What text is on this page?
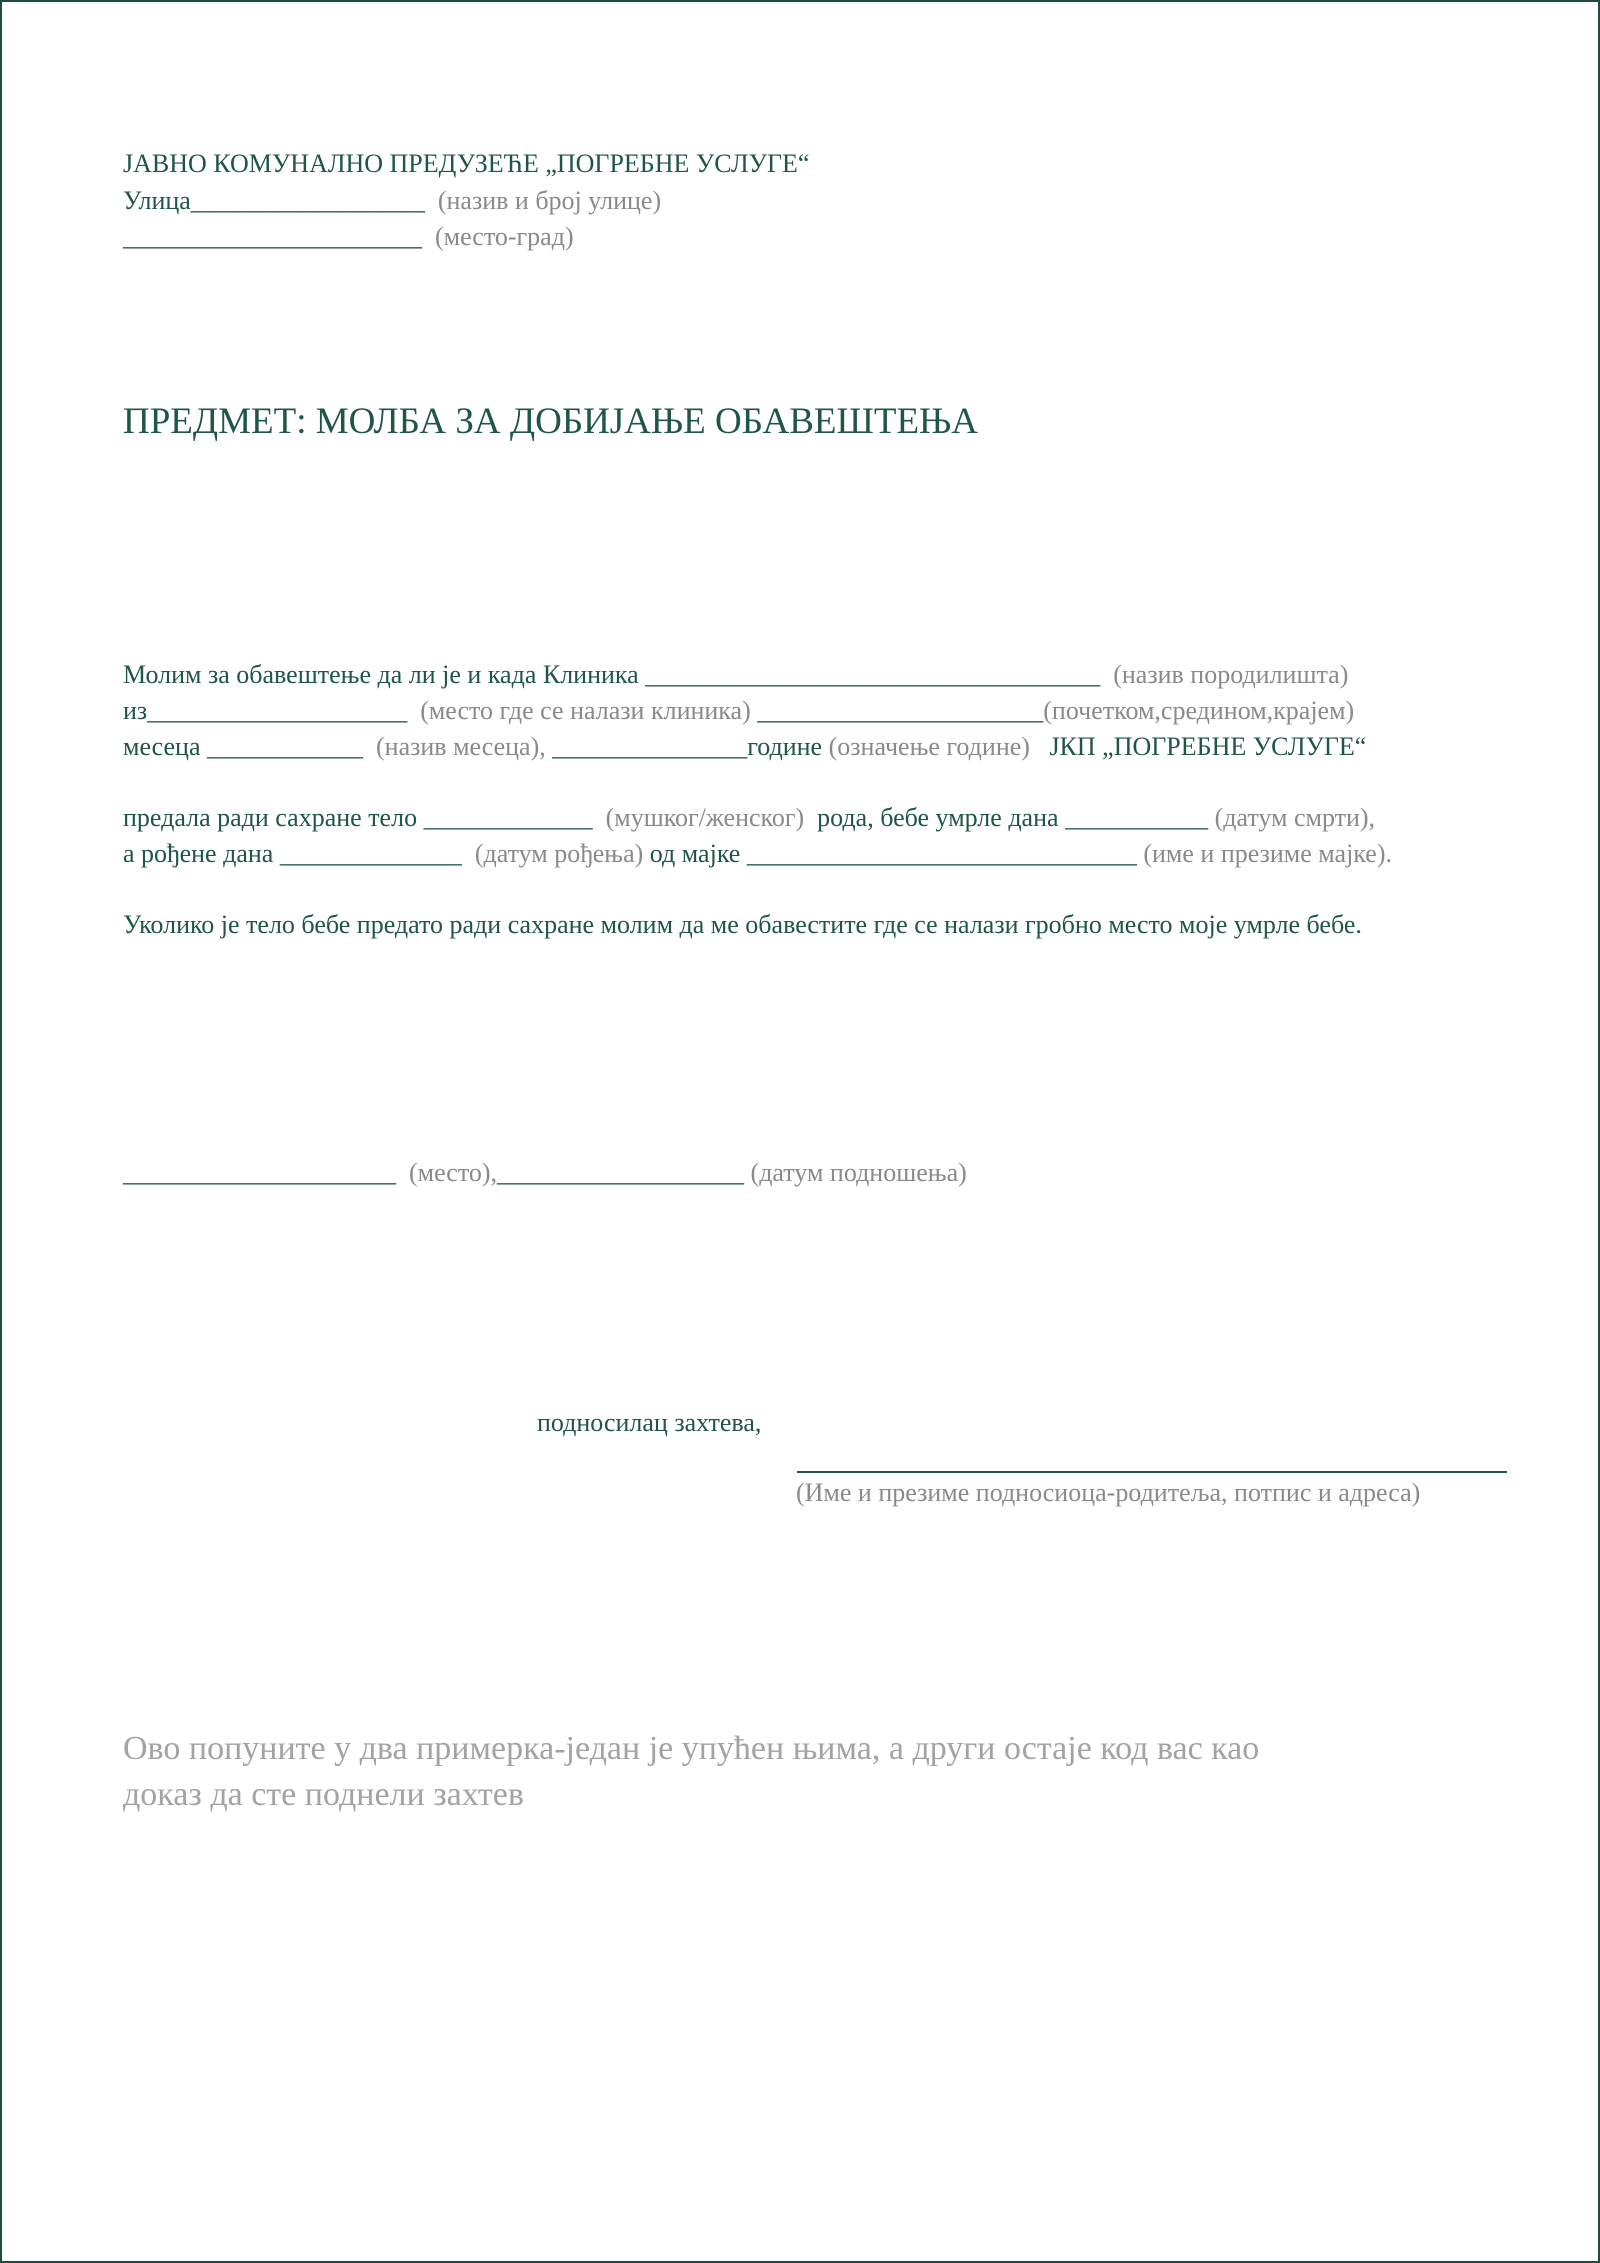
ЈАВНО КОМУНАЛНО ПРЕДУЗЕЋЕ „ПОГРЕБНЕ УСЛУГЕ“
Улица__________________ (назив и број улице)
_______________________ (место-град)
ПРЕДМЕТ: МОЛБА ЗА ДОБИЈАЊЕ ОБАВЕШТЕЊА
Молим за обавештење да ли је и када Клиника ___________________________________ (назив породилишта)
из____________________ (место где се налази клиника) ______________________(почетком,средином,крајем)
месеца ____________ (назив месеца), _______________године (означење године) ЈКП „ПОГРЕБНЕ УСЛУГЕ“
предала ради сахране тело _____________ (мушког/женског) рода, бебе умрле дана ___________ (датум смрти),
а рођене дана ______________ (датум рођења) од мајке ______________________________ (име и презиме мајке).
Уколико је тело бебе предато ради сахране молим да ме обавестите где се налази гробно место моје умрле бебе.
_____________________ (место),___________________ (датум подношења)
подносилац захтева,
(Име и презиме подносиоца-родитеља, потпис и адреса)
Ово попуните у два примерка-један је упућен њима, а други остаје код вас као
доказ да сте поднели захтев
